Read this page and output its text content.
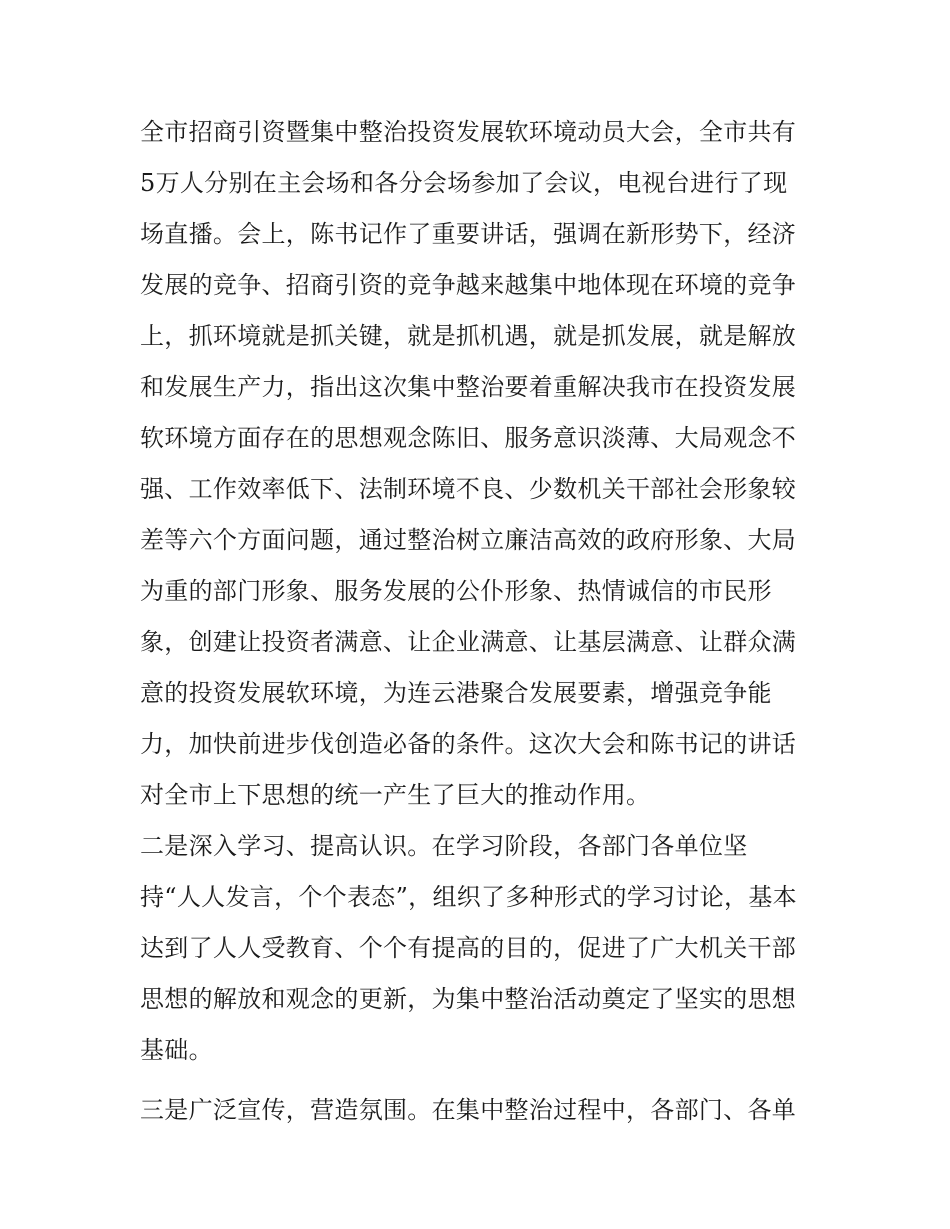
全市招商引资暨集中整治投资发展软环境动员大会，全市共有
5万人分别在主会场和各分会场参加了会议，电视台进行了现
场直播。会上，陈书记作了重要讲话，强调在新形势下，经济
发展的竞争、招商引资的竞争越来越集中地体现在环境的竞争
上，抓环境就是抓关键，就是抓机遇，就是抓发展，就是解放
和发展生产力，指出这次集中整治要着重解决我市在投资发展
软环境方面存在的思想观念陈旧、服务意识淡薄、大局观念不
强、工作效率低下、法制环境不良、少数机关干部社会形象较
差等六个方面问题，通过整治树立廉洁高效的政府形象、大局
为重的部门形象、服务发展的公仆形象、热情诚信的市民形
象，创建让投资者满意、让企业满意、让基层满意、让群众满
意的投资发展软环境，为连云港聚合发展要素，增强竞争能
力，加快前进步伐创造必备的条件。这次大会和陈书记的讲话
对全市上下思想的统一产生了巨大的推动作用。
二是深入学习、提高认识。在学习阶段，各部门各单位坚
持“人人发言，个个表态”，组织了多种形式的学习讨论，基本
达到了人人受教育、个个有提高的目的，促进了广大机关干部
思想的解放和观念的更新，为集中整治活动奠定了坚实的思想
基础。
三是广泛宣传，营造氛围。在集中整治过程中，各部门、各单
